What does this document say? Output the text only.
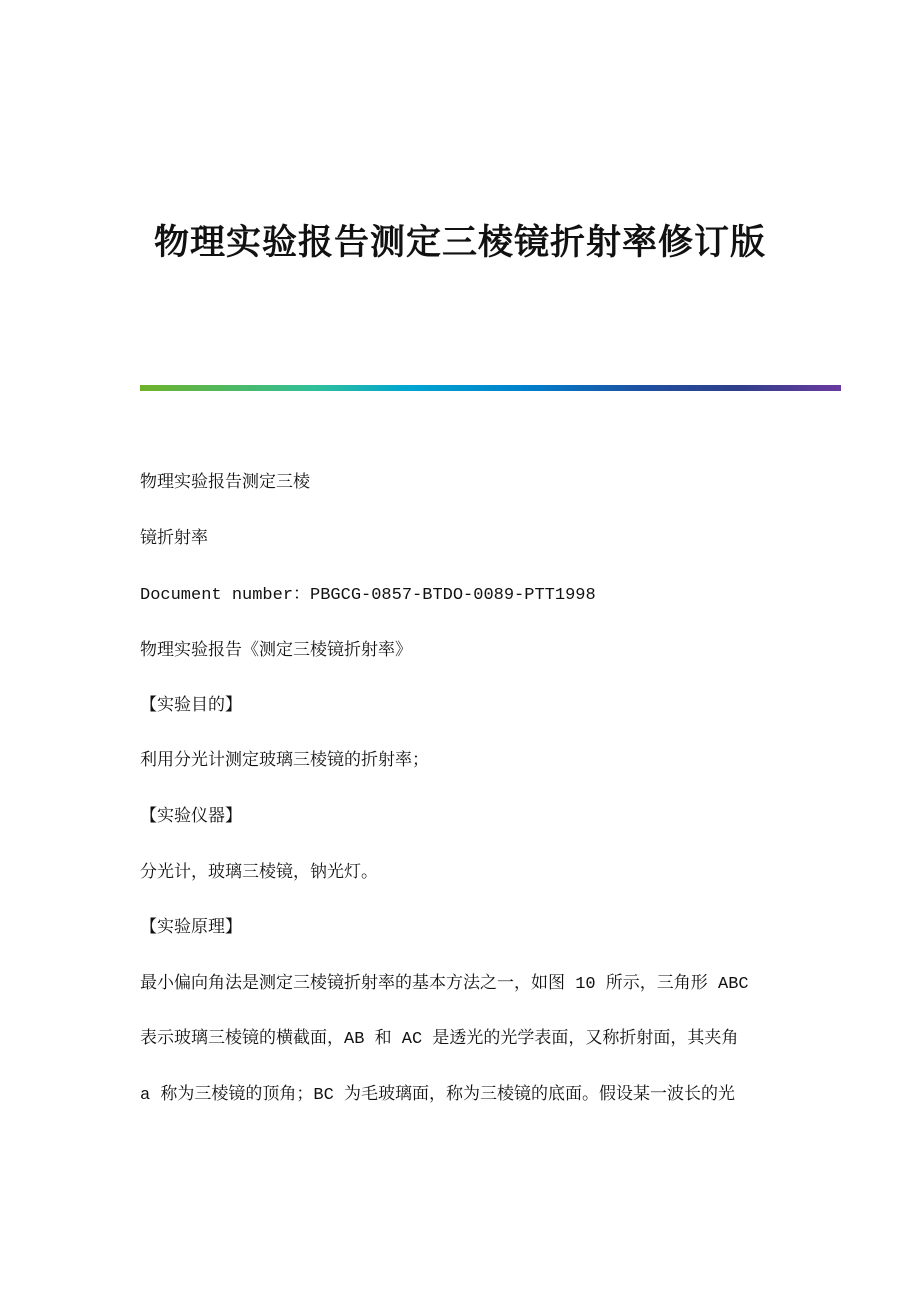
物理实验报告测定三棱镜折射率修订版
物理实验报告测定三棱
镜折射率
Document number：PBGCG-0857-BTDO-0089-PTT1998
物理实验报告《测定三棱镜折射率》
【实验目的】
利用分光计测定玻璃三棱镜的折射率；
【实验仪器】
分光计，玻璃三棱镜，钠光灯。
【实验原理】
最小偏向角法是测定三棱镜折射率的基本方法之一，如图 10 所示，三角形 ABC
表示玻璃三棱镜的横截面，AB 和 AC 是透光的光学表面，又称折射面，其夹角
a 称为三棱镜的顶角；BC 为毛玻璃面，称为三棱镜的底面。假设某一波长的光
